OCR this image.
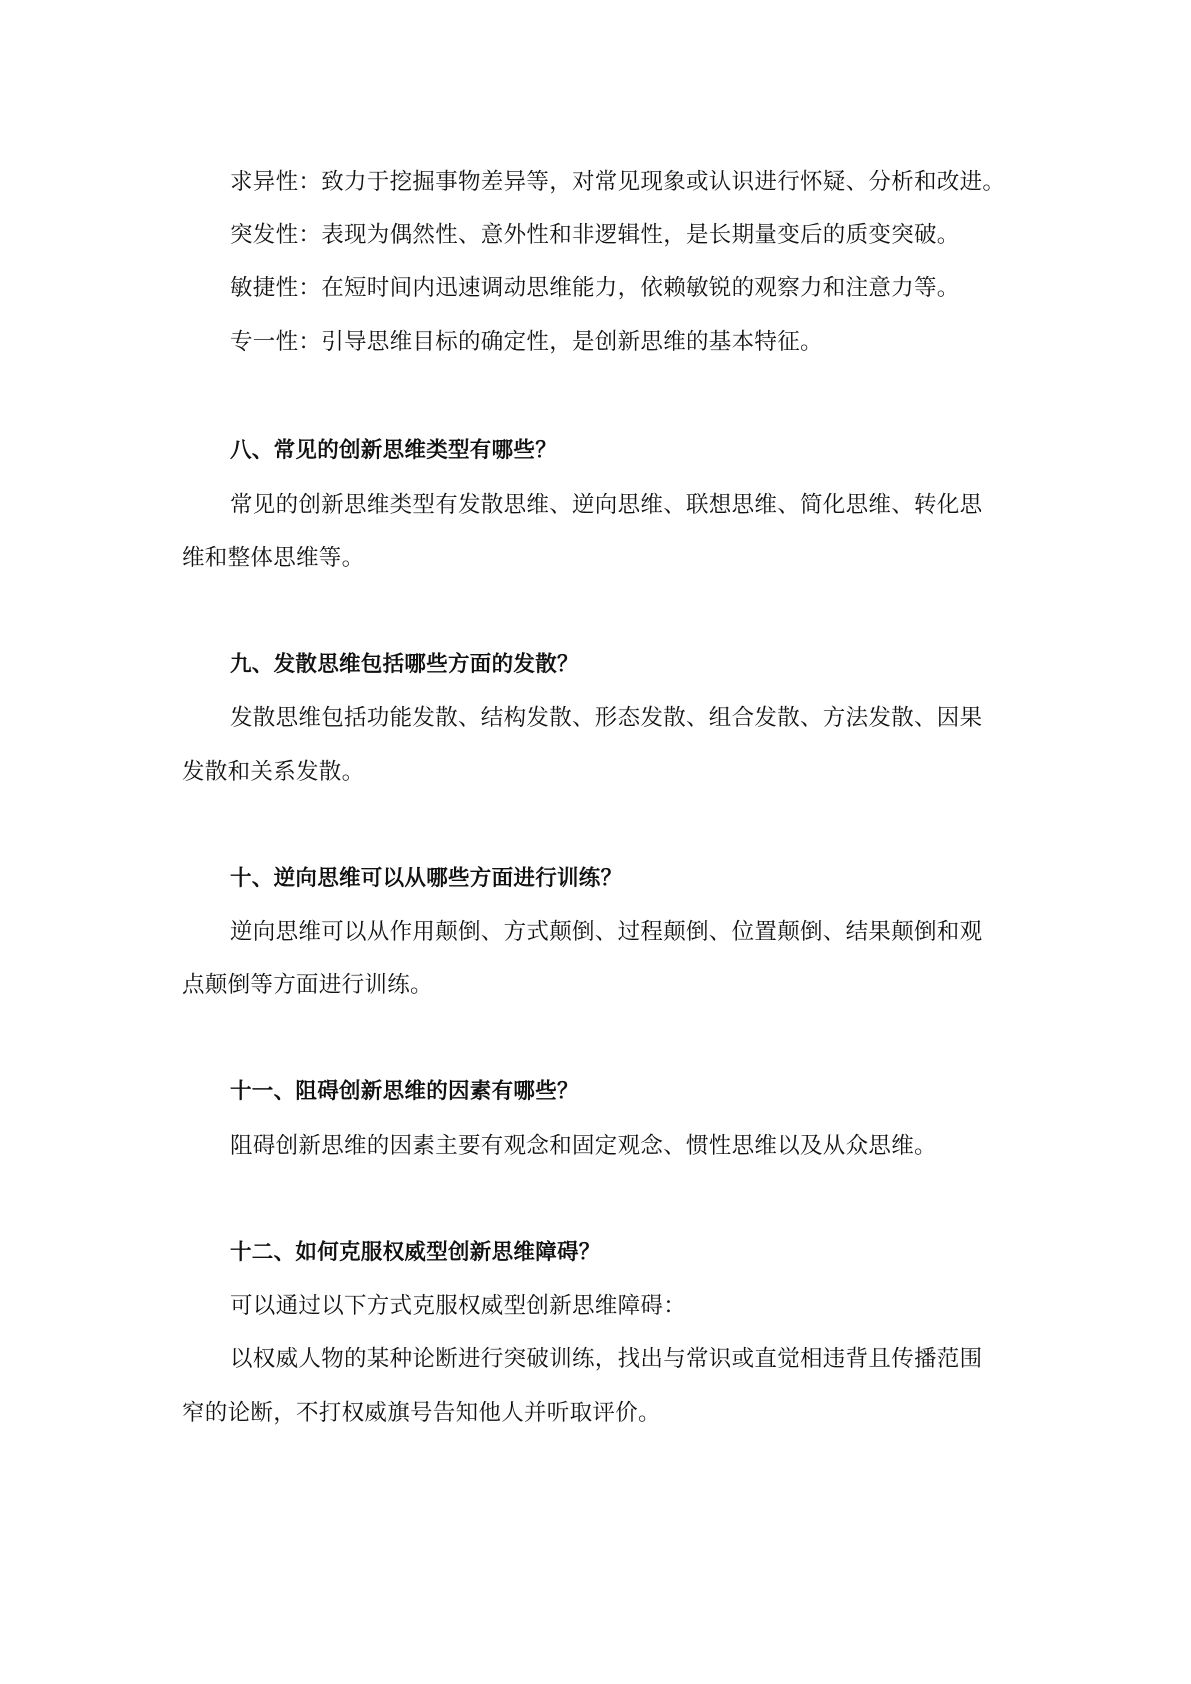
求异性：致力于挖掘事物差异等，对常见现象或认识进行怀疑、分析和改进。
突发性：表现为偶然性、意外性和非逻辑性，是长期量变后的质变突破。
敏捷性：在短时间内迅速调动思维能力，依赖敏锐的观察力和注意力等。
专一性：引导思维目标的确定性，是创新思维的基本特征。
八、常见的创新思维类型有哪些？
常见的创新思维类型有发散思维、逆向思维、联想思维、简化思维、转化思
维和整体思维等。
九、发散思维包括哪些方面的发散？
发散思维包括功能发散、结构发散、形态发散、组合发散、方法发散、因果
发散和关系发散。
十、逆向思维可以从哪些方面进行训练？
逆向思维可以从作用颠倒、方式颠倒、过程颠倒、位置颠倒、结果颠倒和观
点颠倒等方面进行训练。
十一、阻碍创新思维的因素有哪些？
阻碍创新思维的因素主要有观念和固定观念、惯性思维以及从众思维。
十二、如何克服权威型创新思维障碍？
可以通过以下方式克服权威型创新思维障碍：
以权威人物的某种论断进行突破训练，找出与常识或直觉相违背且传播范围
窄的论断，不打权威旗号告知他人并听取评价。
